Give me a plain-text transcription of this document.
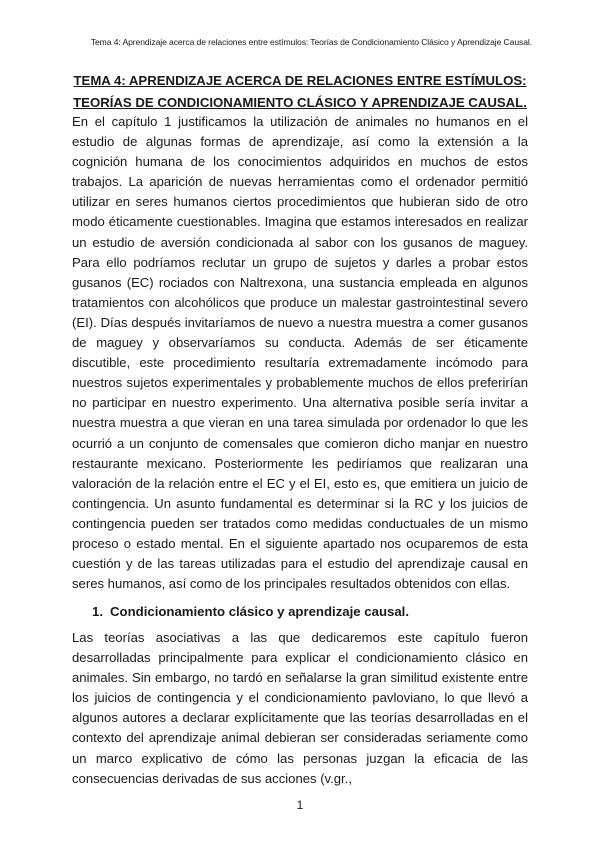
Tema 4: Aprendizaje acerca de relaciones entre estímulos: Teorías de Condicionamiento Clásico y Aprendizaje Causal.
TEMA 4: APRENDIZAJE ACERCA DE RELACIONES ENTRE ESTÍMULOS:
TEORÍAS DE CONDICIONAMIENTO CLÁSICO Y APRENDIZAJE CAUSAL.

En el capítulo 1 justificamos la utilización de animales no humanos en el estudio de algunas formas de aprendizaje, así como la extensión a la cognición humana de los conocimientos adquiridos en muchos de estos trabajos. La aparición de nuevas herramientas como el ordenador permitió utilizar en seres humanos ciertos procedimientos que hubieran sido de otro modo éticamente cuestionables. Imagina que estamos interesados en realizar un estudio de aversión condicionada al sabor con los gusanos de maguey. Para ello podríamos reclutar un grupo de sujetos y darles a probar estos gusanos (EC) rociados con Naltrexona, una sustancia empleada en algunos tratamientos con alcohólicos que produce un malestar gastrointestinal severo (EI). Días después invitaríamos de nuevo a nuestra muestra a comer gusanos de maguey y observaríamos su conducta. Además de ser éticamente discutible, este procedimiento resultaría extremadamente incómodo para nuestros sujetos experimentales y probablemente muchos de ellos preferirían no participar en nuestro experimento. Una alternativa posible sería invitar a nuestra muestra a que vieran en una tarea simulada por ordenador lo que les ocurrió a un conjunto de comensales que comieron dicho manjar en nuestro restaurante mexicano. Posteriormente les pediríamos que realizaran una valoración de la relación entre el EC y el EI, esto es, que emitiera un juicio de contingencia. Un asunto fundamental es determinar si la RC y los juicios de contingencia pueden ser tratados como medidas conductuales de un mismo proceso o estado mental. En el siguiente apartado nos ocuparemos de esta cuestión y de las tareas utilizadas para el estudio del aprendizaje causal en seres humanos, así como de los principales resultados obtenidos con ellas.

1. Condicionamiento clásico y aprendizaje causal.

Las teorías asociativas a las que dedicaremos este capítulo fueron desarrolladas principalmente para explicar el condicionamiento clásico en animales. Sin embargo, no tardó en señalarse la gran similitud existente entre los juicios de contingencia y el condicionamiento pavloviano, lo que llevó a algunos autores a declarar explícitamente que las teorías desarrolladas en el contexto del aprendizaje animal debieran ser consideradas seriamente como un marco explicativo de cómo las personas juzgan la eficacia de las consecuencias derivadas de sus acciones (v.gr.,

1
